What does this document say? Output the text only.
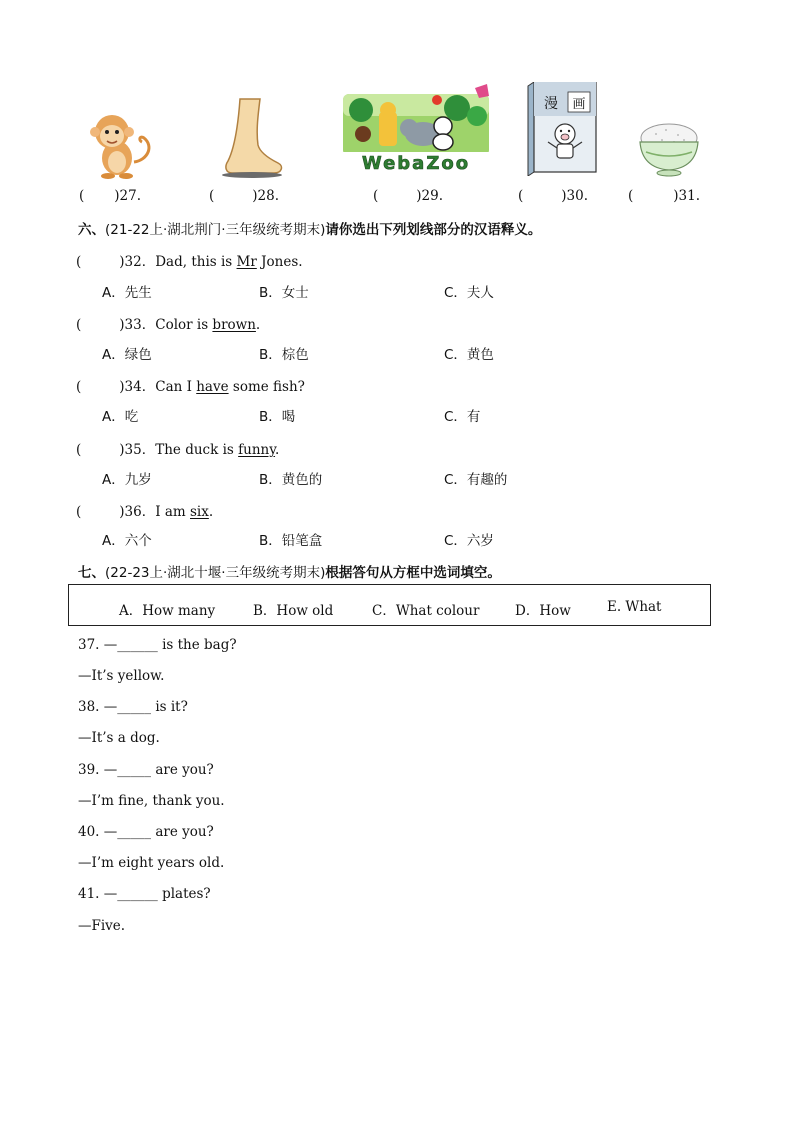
WebaZoo
漫 画
( )27.	(	)28.	(	)29.	(	)30.	(	)31.
六、(21-22上·湖北荆门·三年级统考期末)请你选出下列划线部分的汉语释义。
(	)32．Dad, this is Mr Jones.
A．先生	B．女士	C．夫人
(	)33．Color is brown.
A．绿色	B．棕色	C．黄色
(	)34．Can I have some fish?
A．吃	B．喝	C．有
(	)35．The duck is funny.
A．九岁	B．黄色的	C．有趣的
(	)36．I am six.
A．六个	B．铅笔盒	C．六岁
七、(22-23上·湖北十堰·三年级统考期末)根据答句从方框中选词填空。
A．How many	B．How old	C．What colour	D．How	E. What
37. —______ is the bag?
—It’s yellow.
38. —_____ is it?
—It’s a dog.
39. —_____ are you?
—I’m fine, thank you.
40. —_____ are you?
—I’m eight years old.
41. —______ plates?
—Five.
